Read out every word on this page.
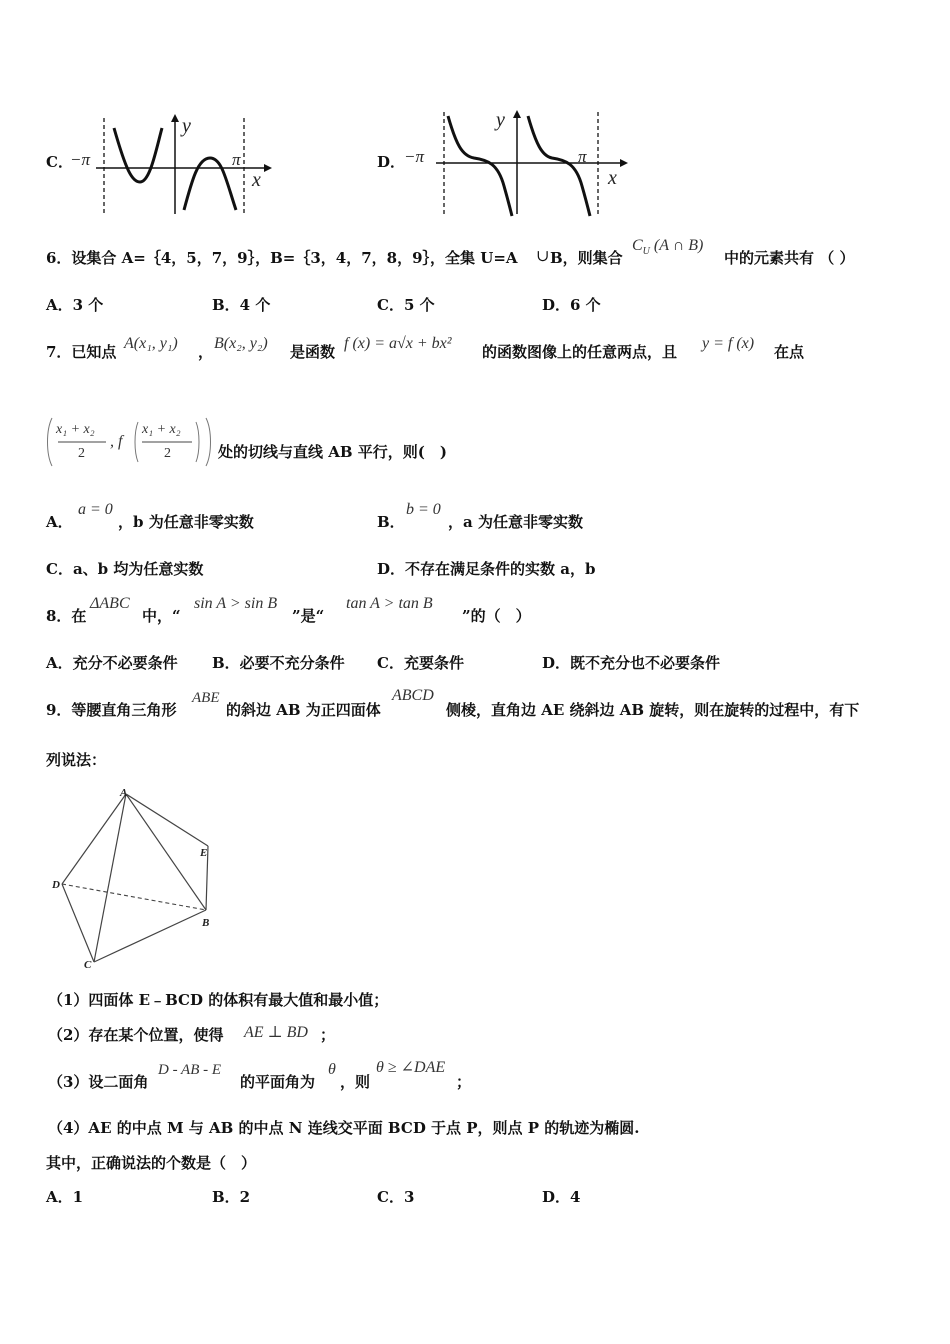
C．
−π	π
x
y
D．
−π	π
x
y
6．设集合 A=｛4，5，7，9｝，B=｛3，4，7，8，9｝，全集 U=A ∪ B，则集合
$C_U$ (A ∩ B)
中的元素共有 （ ）
A．3 个	B．4 个	C．5 个	D．6 个
7．已知点 A(x₁, y₁) ， B(x₂, y₂) 是函数 f (x) = a√x + bx² 的函数图像上的任意两点，且 y = f (x) 在点
x₁ + x₂
2
, f
x₁ + x₂
2	处的切线与直线 AB 平行，则(　)
A．
a = 0
，b 为任意非零实数	B．
b = 0
，a 为任意非零实数
C．a、b 均为任意实数	D．不存在满足条件的实数 a，b
8．在
ΔABC
中，“
sin A > sin B
”是“
tan A > tan B
”的（　）
A．充分不必要条件 B．必要不充分条件 C．充要条件	D．既不充分也不必要条件
9．等腰直角三角形
ABE
的斜边 AB 为正四面体
ABCD
侧棱，直角边 AE 绕斜边 AB 旋转，则在旋转的过程中，有下
列说法：
A
E
D
B
C
（1）四面体 E﹣BCD 的体积有最大值和最小值；
（2）存在某个位置，使得 AE ⊥ BD ；
（3）设二面角
D - AB - E
的平面角为
θ
，则
θ ≥ ∠DAE
；
（4）AE 的中点 M 与 AB 的中点 N 连线交平面 BCD 于点 P，则点 P 的轨迹为椭圆.
其中，正确说法的个数是（　）
A．1	B．2	C．3	D．4
